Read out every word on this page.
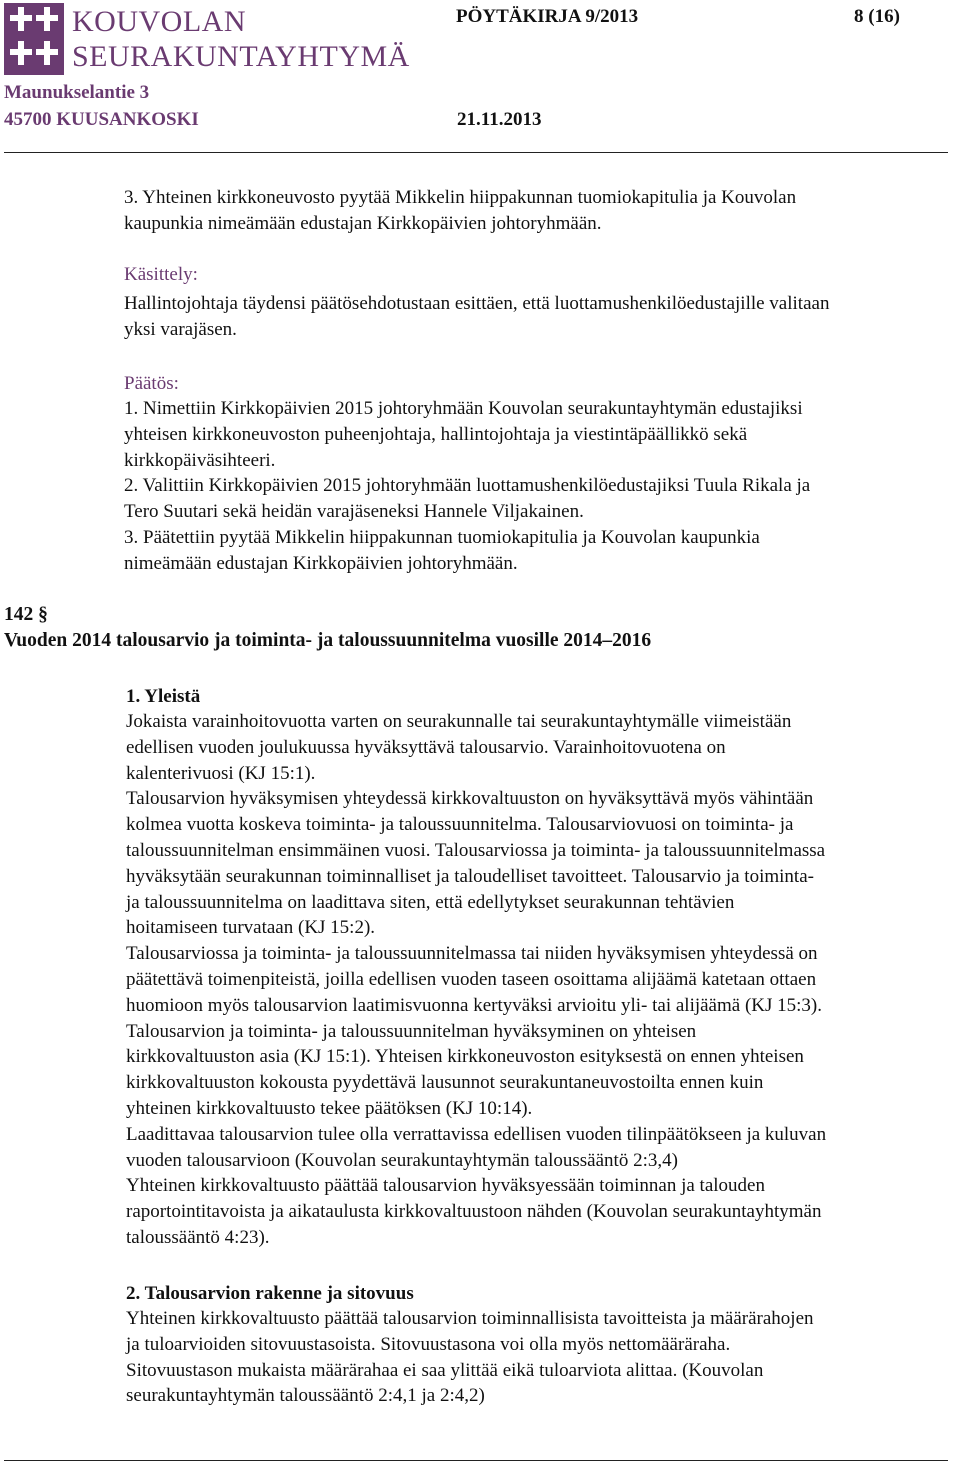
KOUVOLAN
SEURAKUNTAYHTYMÄ
PÖYTÄKIRJA 9/2013	8 (16)
Maunukselantie 3
45700 KUUSANKOSKI	21.11.2013

3. Yhteinen kirkkoneuvosto pyytää Mikkelin hiippakunnan tuomiokapitulia ja Kouvolan

kaupunkia nimeämään edustajan Kirkkopäivien johtoryhmään.

Käsittely:

Hallintojohtaja täydensi päätösehdotustaan esittäen, että luottamushenkilöedustajille valitaan

yksi varajäsen.

Päätös:

1. Nimettiin Kirkkopäivien 2015 johtoryhmään Kouvolan seurakuntayhtymän edustajiksi

yhteisen kirkkoneuvoston puheenjohtaja, hallintojohtaja ja viestintäpäällikkö sekä

kirkkopäiväsihteeri.

2. Valittiin Kirkkopäivien 2015 johtoryhmään luottamushenkilöedustajiksi Tuula Rikala ja

Tero Suutari sekä heidän varajäseneksi Hannele Viljakainen.

3. Päätettiin pyytää Mikkelin hiippakunnan tuomiokapitulia ja Kouvolan kaupunkia

nimeämään edustajan Kirkkopäivien johtoryhmään.

142 §
Vuoden 2014 talousarvio ja toiminta- ja taloussuunnitelma vuosille 2014–2016
1. Yleistä

Jokaista varainhoitovuotta varten on seurakunnalle tai seurakuntayhtymälle viimeistään

edellisen vuoden joulukuussa hyväksyttävä talousarvio. Varainhoitovuotena on

kalenterivuosi (KJ 15:1).

Talousarvion hyväksymisen yhteydessä kirkkovaltuuston on hyväksyttävä myös vähintään

kolmea vuotta koskeva toiminta- ja taloussuunnitelma. Talousarviovuosi on toiminta- ja

taloussuunnitelman ensimmäinen vuosi. Talousarviossa ja toiminta- ja taloussuunnitelmassa

hyväksytään seurakunnan toiminnalliset ja taloudelliset tavoitteet. Talousarvio ja toiminta-

ja taloussuunnitelma on laadittava siten, että edellytykset seurakunnan tehtävien

hoitamiseen turvataan (KJ 15:2).

Talousarviossa ja toiminta- ja taloussuunnitelmassa tai niiden hyväksymisen yhteydessä on

päätettävä toimenpiteistä, joilla edellisen vuoden taseen osoittama alijäämä katetaan ottaen

huomioon myös talousarvion laatimisvuonna kertyväksi arvioitu yli- tai alijäämä (KJ 15:3).

Talousarvion ja toiminta- ja taloussuunnitelman hyväksyminen on yhteisen

kirkkovaltuuston asia (KJ 15:1). Yhteisen kirkkoneuvoston esityksestä on ennen yhteisen

kirkkovaltuuston kokousta pyydettävä lausunnot seurakuntaneuvostoilta ennen kuin

yhteinen kirkkovaltuusto tekee päätöksen (KJ 10:14).

Laadittavaa talousarvion tulee olla verrattavissa edellisen vuoden tilinpäätökseen ja kuluvan

vuoden talousarvioon (Kouvolan seurakuntayhtymän taloussääntö 2:3,4)

Yhteinen kirkkovaltuusto päättää talousarvion hyväksyessään toiminnan ja talouden

raportointitavoista ja aikataulusta kirkkovaltuustoon nähden (Kouvolan seurakuntayhtymän

taloussääntö 4:23).

2. Talousarvion rakenne ja sitovuus

Yhteinen kirkkovaltuusto päättää talousarvion toiminnallisista tavoitteista ja määrärahojen

ja tuloarvioiden sitovuustasoista. Sitovuustasona voi olla myös nettomääräraha.

Sitovuustason mukaista määrärahaa ei saa ylittää eikä tuloarviota alittaa. (Kouvolan

seurakuntayhtymän taloussääntö 2:4,1 ja 2:4,2)
